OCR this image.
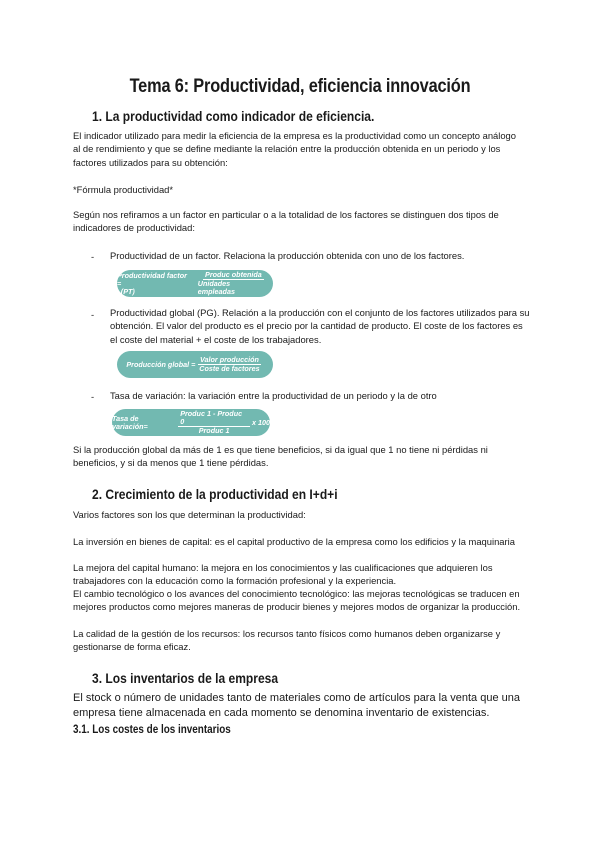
Tema 6: Productividad, eficiencia innovación
1. La productividad como indicador de eficiencia.
El indicador utilizado para medir la eficiencia de la empresa es la productividad como un concepto análogo al de rendimiento y que se define mediante la relación entre la producción obtenida en un periodo y los factores utilizados para su obtención:
*Fórmula productividad*
Según nos refiramos a un factor en particular o a la totalidad de los factores se distinguen dos tipos de indicadores de productividad:
- Productividad de un factor. Relaciona la producción obtenida con uno de los factores.
Productividad factor =
(PT)	$\frac{\text{Produc obtenida}}{\text{Unidades empleadas}}$
- Productividad global (PG). Relación a la producción con el conjunto de los factores utilizados para su obtención. El valor del producto es el precio por la cantidad de producto. El coste de los factores es el coste del material + el coste de los trabajadores.
Producción global = $\frac{\text{Valor producción}}{\text{Coste de factores}}$
- Tasa de variación: la variación entre la productividad de un periodo y la de otro
Tasa de variación=	$\frac{\text{Produc 1 - Produc 0}}{\text{Produc 1}}$ x 100
Si la producción global da más de 1 es que tiene beneficios, si da igual que 1 no tiene ni pérdidas ni beneficios, y si da menos que 1 tiene pérdidas.
2. Crecimiento de la productividad en I+d+i
Varios factores son los que determinan la productividad:
La inversión en bienes de capital: es el capital productivo de la empresa como los edificios y la maquinaria
La mejora del capital humano: la mejora en los conocimientos y las cualificaciones que adquieren los trabajadores con la educación como la formación profesional y la experiencia.
El cambio tecnológico o los avances del conocimiento tecnológico: las mejoras tecnológicas se traducen en mejores productos como mejores maneras de producir bienes y mejores modos de organizar la producción.
La calidad de la gestión de los recursos: los recursos tanto físicos como humanos deben organizarse y gestionarse de forma eficaz.
3. Los inventarios de la empresa
El stock o número de unidades tanto de materiales como de artículos para la venta que una empresa tiene almacenada en cada momento se denomina inventario de existencias.
3.1. Los costes de los inventarios
